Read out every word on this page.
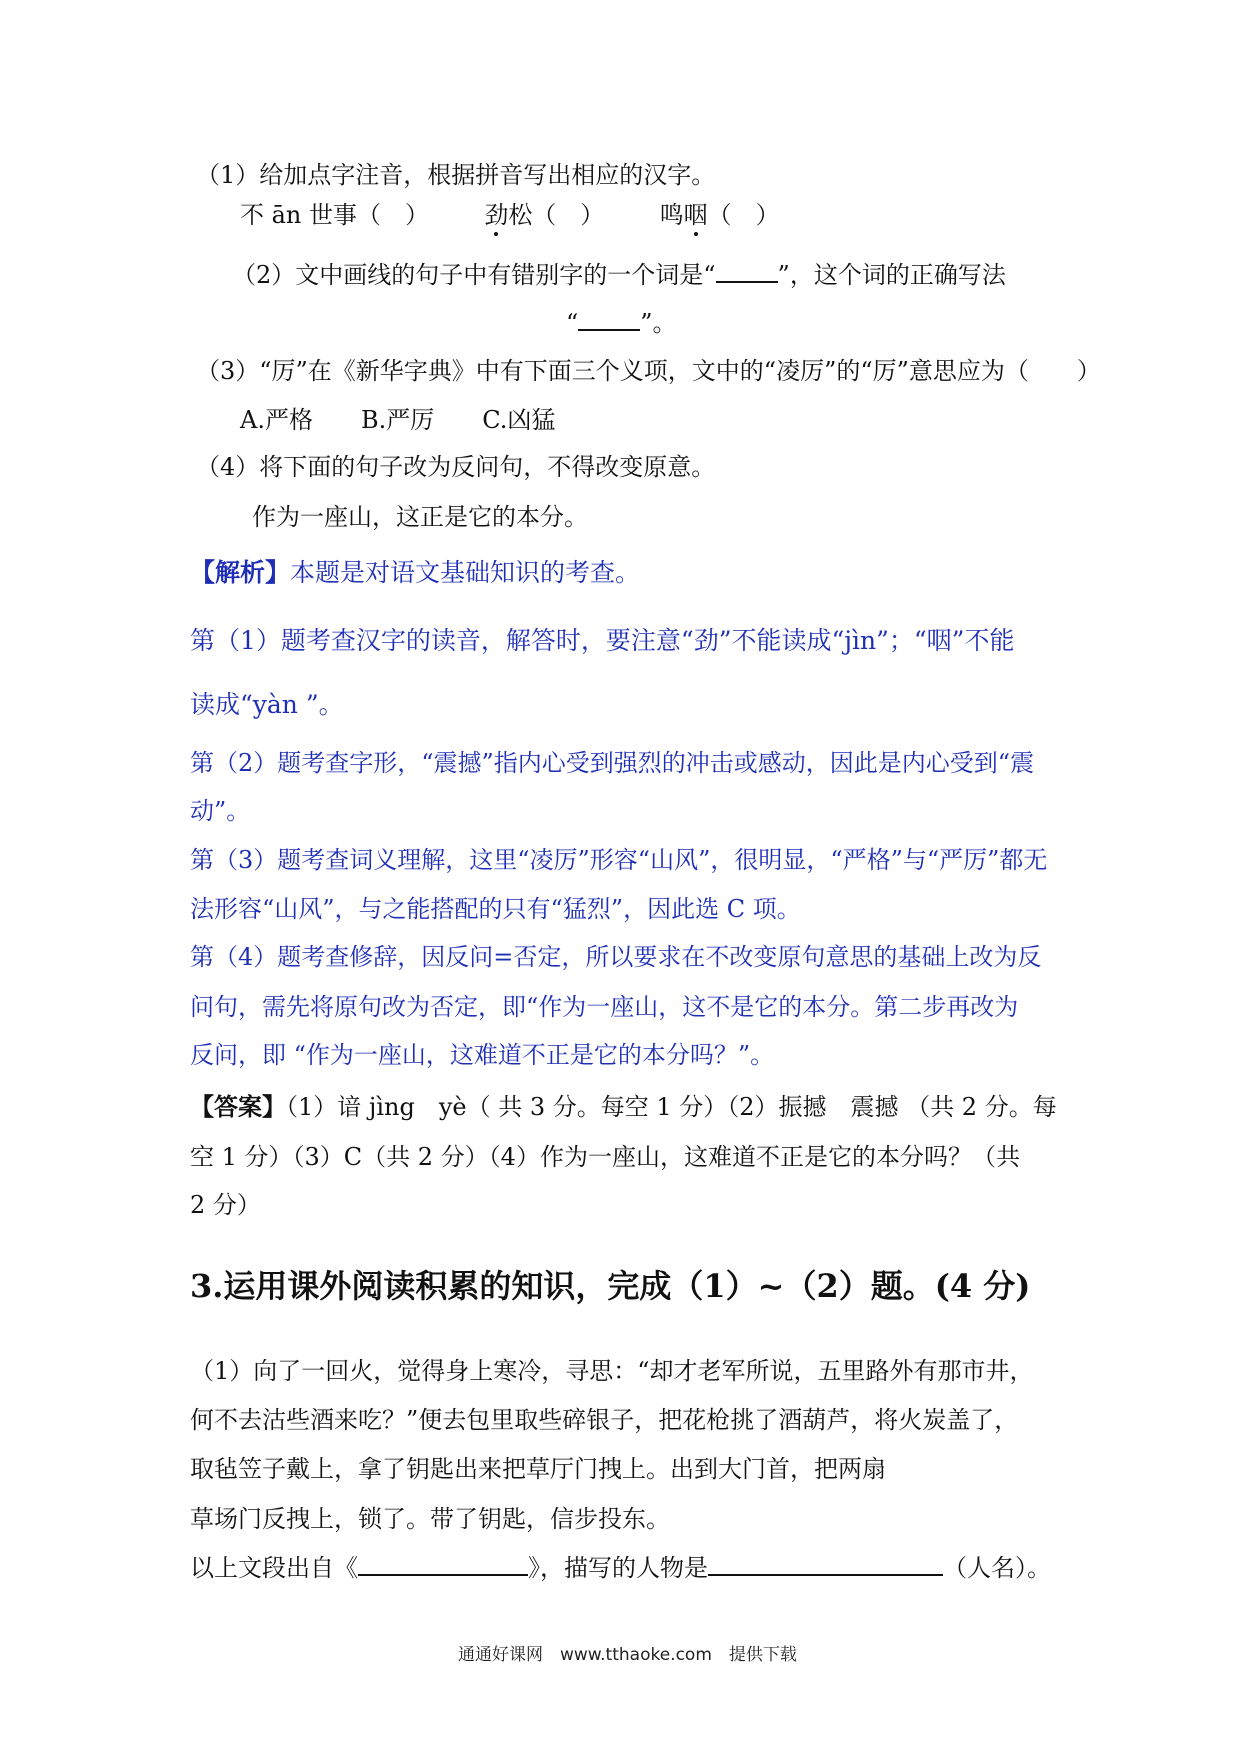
（1）给加点字注音，根据拼音写出相应的汉字。
不 ān 世事（　） 劲松（　） 鸣咽（　）
（2）文中画线的句子中有错别字的一个词是“	”，这个词的正确写法
“	”。
（3）“厉”在《新华字典》中有下面三个义项，文中的“凌厉”的“厉”意思应为（　　）
A.严格　　B.严厉　　C.凶猛
（4）将下面的句子改为反问句，不得改变原意。
作为一座山，这正是它的本分。
【解析】本题是对语文基础知识的考查。
第（1）题考查汉字的读音，解答时，要注意“劲”不能读成“jìn”；“咽”不能
读成“yàn ”。
第（2）题考查字形，“震撼”指内心受到强烈的冲击或感动，因此是内心受到“震
动”。
第（3）题考查词义理解，这里“凌厉”形容“山风”，很明显，“严格”与“严厉”都无
法形容“山风”，与之能搭配的只有“猛烈”，因此选 C 项。
第（4）题考查修辞，因反问=否定，所以要求在不改变原句意思的基础上改为反
问句，需先将原句改为否定，即“作为一座山，这不是它的本分。第二步再改为
反问，即 “作为一座山，这难道不正是它的本分吗？”。
【答案】（1）谙 jìng　yè（ 共 3 分。每空 1 分）（2）振撼　震撼 （共 2 分。每
空 1 分）（3）C（共 2 分）（4）作为一座山，这难道不正是它的本分吗？（共
2 分）
3.运用课外阅读积累的知识，完成（1）~（2）题。(4 分)
（1）向了一回火，觉得身上寒冷，寻思：“却才老军所说，五里路外有那市井，
何不去沽些酒来吃？”便去包里取些碎银子，把花枪挑了酒葫芦，将火炭盖了，
取毡笠子戴上，拿了钥匙出来把草厅门拽上。出到大门首，把两扇
草场门反拽上，锁了。带了钥匙，信步投东。
以上文段出自《	》，描写的人物是	（人名）。
通通好课网　www.tthaoke.com　提供下载
